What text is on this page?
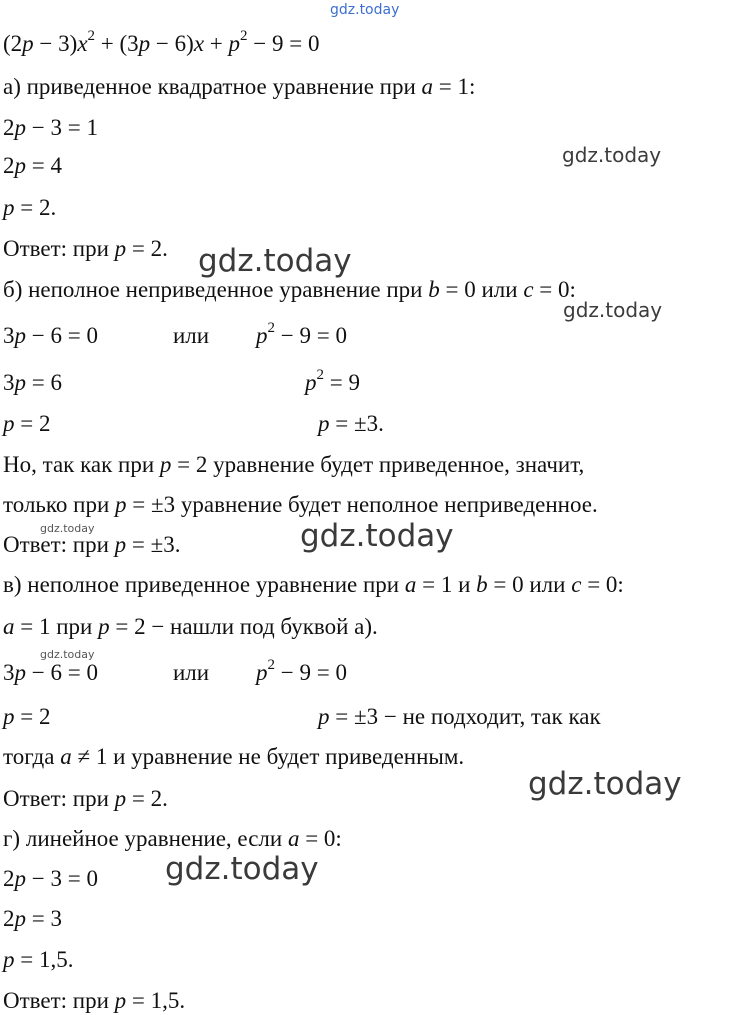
gdz.today
gdz.today
gdz.today
gdz.today
gdz.today	gdz.today
gdz.today
gdz.today
gdz.today
$(2p - 3)x^2 + (3p - 6)x + p^2 - 9 = 0$
а) приведенное квадратное уравнение при a = 1:
2p − 3 = 1
2p = 4
p = 2.
Ответ: при p = 2.
б) неполное неприведенное уравнение при b = 0 или c = 0:
3p − 6 = 0	или $p^2 - 9 = 0$
3p = 6	$p^2 = 9$
p = 2	p = ±3.
Но, так как при p = 2 уравнение будет приведенное, значит,
только при p = ±3 уравнение будет неполное неприведенное.
Ответ: при p = ±3.
в) неполное приведенное уравнение при a = 1 и b = 0 или c = 0:
a = 1 при p = 2 − нашли под буквой а).
3p − 6 = 0	или $p^2 - 9 = 0$
p = 2	p = ±3 − не подходит, так как
тогда a ≠ 1 и уравнение не будет приведенным.
Ответ: при p = 2.
г) линейное уравнение, если a = 0:
2p − 3 = 0
2p = 3
p = 1,5.
Ответ: при p = 1,5.
